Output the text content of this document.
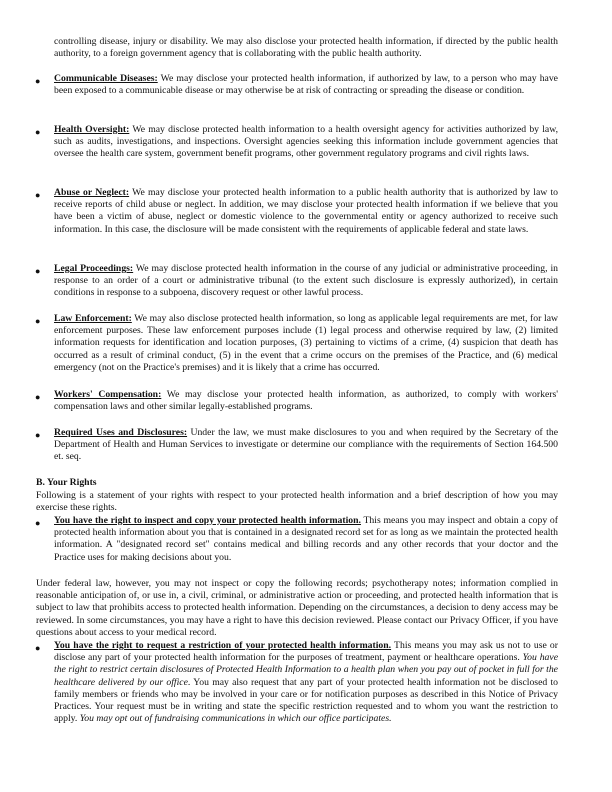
controlling disease, injury or disability. We may also disclose your protected health information, if directed by the public health authority, to a foreign government agency that is collaborating with the public health authority.
● Communicable Diseases: We may disclose your protected health information, if authorized by law, to a person who may have been exposed to a communicable disease or may otherwise be at risk of contracting or spreading the disease or condition.
● Health Oversight: We may disclose protected health information to a health oversight agency for activities authorized by law, such as audits, investigations, and inspections. Oversight agencies seeking this information include government agencies that oversee the health care system, government benefit programs, other government regulatory programs and civil rights laws.
● Abuse or Neglect: We may disclose your protected health information to a public health authority that is authorized by law to receive reports of child abuse or neglect. In addition, we may disclose your protected health information if we believe that you have been a victim of abuse, neglect or domestic violence to the governmental entity or agency authorized to receive such information. In this case, the disclosure will be made consistent with the requirements of applicable federal and state laws.
● Legal Proceedings: We may disclose protected health information in the course of any judicial or administrative proceeding, in response to an order of a court or administrative tribunal (to the extent such disclosure is expressly authorized), in certain conditions in response to a subpoena, discovery request or other lawful process.
● Law Enforcement: We may also disclose protected health information, so long as applicable legal requirements are met, for law enforcement purposes. These law enforcement purposes include (1) legal process and otherwise required by law, (2) limited information requests for identification and location purposes, (3) pertaining to victims of a crime, (4) suspicion that death has occurred as a result of criminal conduct, (5) in the event that a crime occurs on the premises of the Practice, and (6) medical emergency (not on the Practice's premises) and it is likely that a crime has occurred.
● Workers' Compensation: We may disclose your protected health information, as authorized, to comply with workers' compensation laws and other similar legally-established programs.
● Required Uses and Disclosures: Under the law, we must make disclosures to you and when required by the Secretary of the Department of Health and Human Services to investigate or determine our compliance with the requirements of Section 164.500 et. seq.
B. Your Rights
Following is a statement of your rights with respect to your protected health information and a brief description of how you may exercise these rights.
● You have the right to inspect and copy your protected health information. This means you may inspect and obtain a copy of protected health information about you that is contained in a designated record set for as long as we maintain the protected health information. A "designated record set" contains medical and billing records and any other records that your doctor and the Practice uses for making decisions about you.
Under federal law, however, you may not inspect or copy the following records; psychotherapy notes; information complied in reasonable anticipation of, or use in, a civil, criminal, or administrative action or proceeding, and protected health information that is subject to law that prohibits access to protected health information. Depending on the circumstances, a decision to deny access may be reviewed. In some circumstances, you may have a right to have this decision reviewed. Please contact our Privacy Officer, if you have questions about access to your medical record.
● You have the right to request a restriction of your protected health information. This means you may ask us not to use or disclose any part of your protected health information for the purposes of treatment, payment or healthcare operations. You have the right to restrict certain disclosures of Protected Health Information to a health plan when you pay out of pocket in full for the healthcare delivered by our office. You may also request that any part of your protected health information not be disclosed to family members or friends who may be involved in your care or for notification purposes as described in this Notice of Privacy Practices. Your request must be in writing and state the specific restriction requested and to whom you want the restriction to apply. You may opt out of fundraising communications in which our office participates.
